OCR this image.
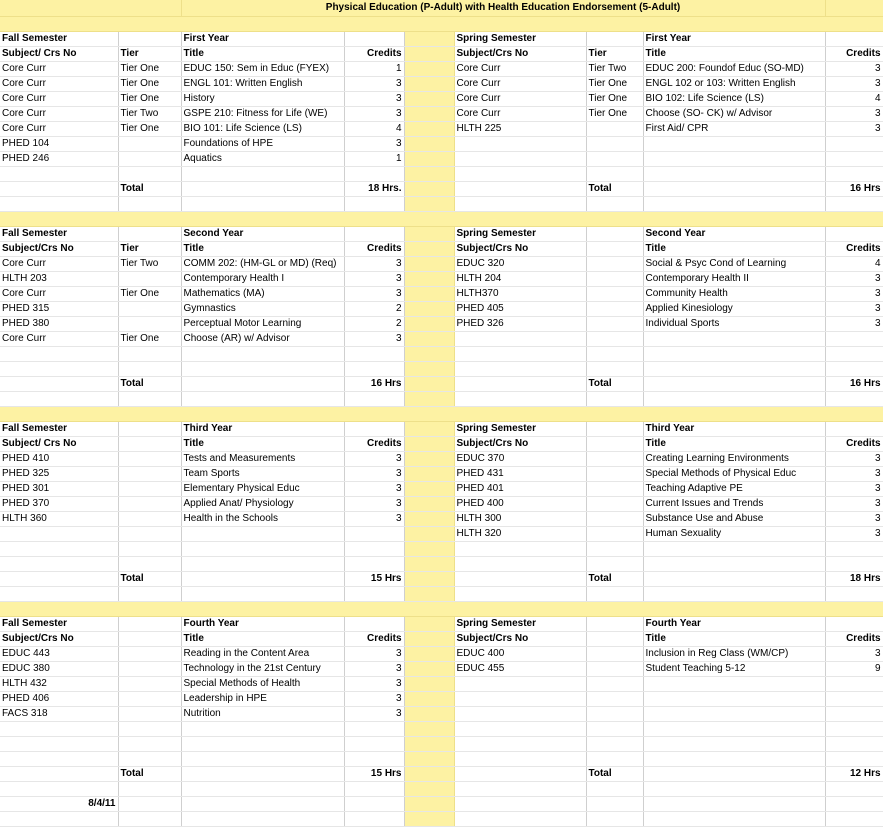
		Physical Education (P-Adult) with Health Education Endorsement (5-Adult)						

Fall Semester		First Year			Spring Semester		First Year	
Subject/ Crs No	Tier	Title	Credits		Subject/Crs No	Tier	Title	Credits
Core Curr	Tier One	EDUC 150: Sem in Educ (FYEX)	1		Core Curr	Tier Two	EDUC 200: Foundof Educ (SO-MD)	3
Core Curr	Tier One	ENGL 101: Written English	3		Core Curr	Tier One	ENGL 102 or 103: Written English	3
Core Curr	Tier One	History	3		Core Curr	Tier One	BIO 102: Life Science (LS)	4
Core Curr	Tier Two	GSPE 210: Fitness for Life (WE)	3		Core Curr	Tier One	Choose (SO- CK) w/ Advisor	3
Core Curr	Tier One	BIO 101: Life Science (LS)	4		HLTH 225		First Aid/ CPR	3
PHED 104		Foundations of HPE	3					
PHED 246		Aquatics	1					

	Total		18 Hrs.			Total		16 Hrs

Fall Semester		Second Year			Spring Semester		Second Year	
Subject/Crs No	Tier	Title	Credits		Subject/Crs No		Title	Credits
Core Curr	Tier Two	COMM 202: (HM-GL or MD) (Req)	3		EDUC 320		Social & Psyc Cond of Learning	4
HLTH 203		Contemporary Health I	3		HLTH 204		Contemporary Health II	3
Core Curr	Tier One	Mathematics (MA)	3		HLTH370		Community Health	3
PHED 315		Gymnastics	2		PHED 405		Applied Kinesiology	3
PHED 380		Perceptual Motor Learning	2		PHED 326		Individual Sports	3
Core Curr	Tier One	Choose (AR) w/ Advisor	3					

	Total		16 Hrs			Total		16 Hrs

Fall Semester		Third Year			Spring Semester		Third Year	
Subject/ Crs No		Title	Credits		Subject/Crs No		Title	Credits
PHED 410		Tests and Measurements	3		EDUC 370		Creating Learning Environments	3
PHED 325		Team Sports	3		PHED 431		Special Methods of Physical Educ	3
PHED 301		Elementary Physical Educ	3		PHED 401		Teaching Adaptive PE	3
PHED 370		Applied Anat/ Physiology	3		PHED 400		Current Issues and Trends	3
HLTH 360		Health in the Schools	3		HLTH 300		Substance Use and Abuse	3
					HLTH 320		Human Sexuality	3

	Total		15 Hrs			Total		18 Hrs

Fall Semester		Fourth Year			Spring Semester		Fourth Year	
Subject/Crs No		Title	Credits		Subject/Crs No		Title	Credits
EDUC 443		Reading in the Content Area	3		EDUC 400		Inclusion in Reg Class (WM/CP)	3
EDUC 380		Technology in the 21st Century	3		EDUC 455		Student Teaching 5-12	9
HLTH 432		Special Methods of Health	3					
PHED 406		Leadership in HPE	3					
FACS 318		Nutrition	3					

	Total		15 Hrs			Total		12 Hrs

8/4/11								
